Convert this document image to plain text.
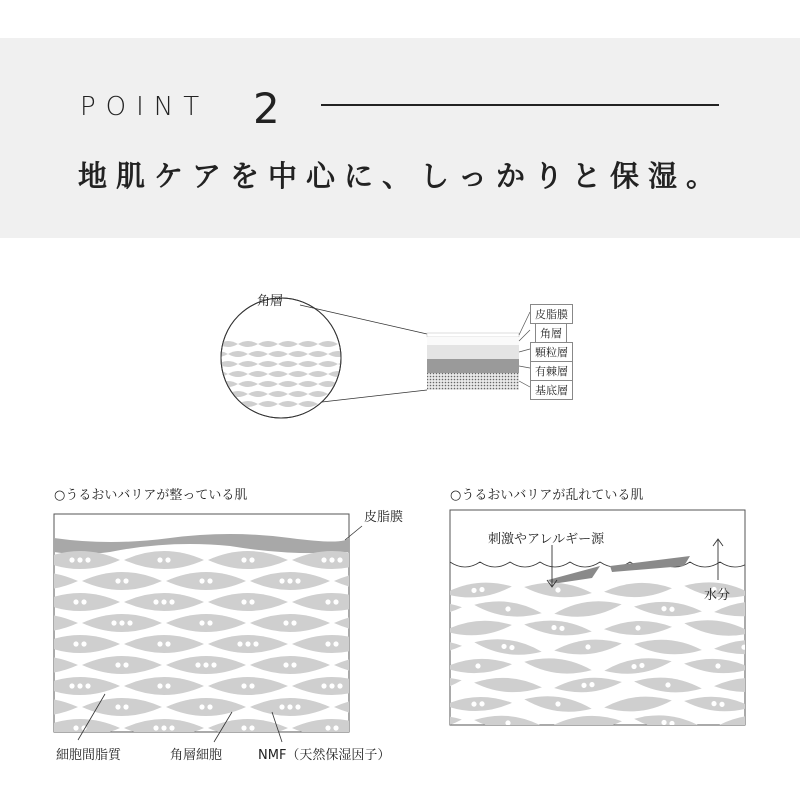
POINT 2
地肌ケアを中心に、しっかりと保湿。
角層
皮脂膜
角層
顆粒層
有棘層
基底層
○うるおいバリアが整っている肌	○うるおいバリアが乱れている肌
皮脂膜
細胞間脂質	角層細胞	NMF（天然保湿因子）
刺激やアレルギー源
水分
